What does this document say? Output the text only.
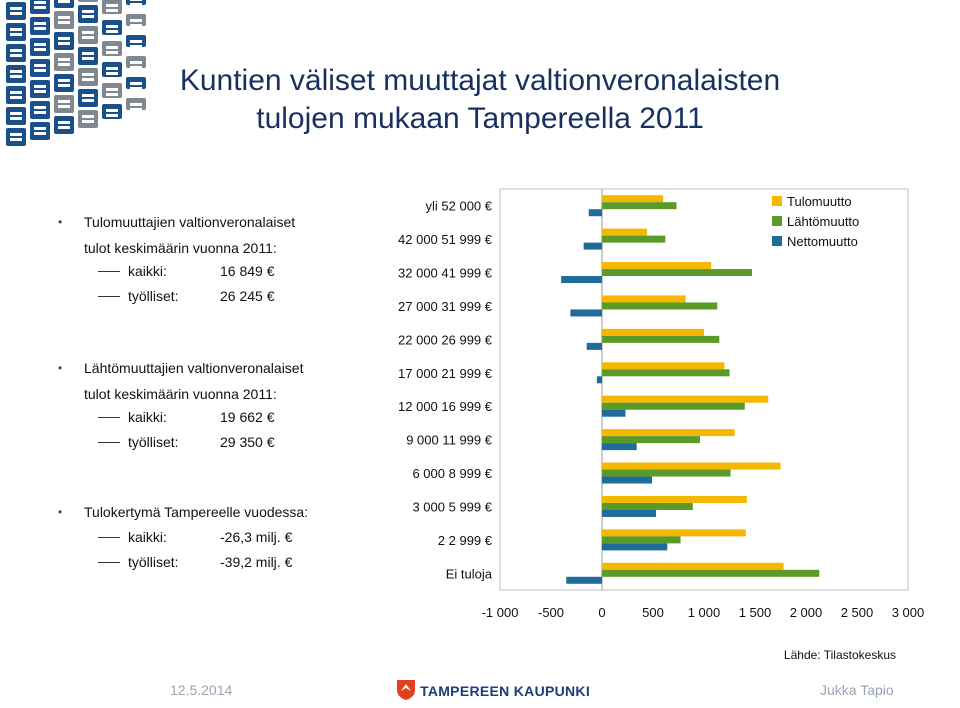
Kuntien väliset muuttajat valtionveronalaisten
tulojen mukaan Tampereella 2011
• Tulomuuttajien valtionveronalaiset
tulot keskimäärin vuonna 2011:
kaikki:	16 849 €
työlliset:	26 245 €
• Lähtömuuttajien valtionveronalaiset
tulot keskimäärin vuonna 2011:
kaikki:	19 662 €
työlliset:	29 350 €
• Tulokertymä Tampereelle vuodessa:
kaikki:	-26,3 milj. €
työlliset:	-39,2 milj. €
yli 52 000 €
42 000 51 999 €
32 000 41 999 €
27 000 31 999 €
22 000 26 999 €
17 000 21 999 €
12 000 16 999 €
9 000 11 999 €
6 000 8 999 €
3 000 5 999 €
2 2 999 €
Ei tuloja
-1 000 -500	0	500 1 000 1 500 2 000 2 500 3 000
Tulomuutto
Lähtömuutto
Nettomuutto
Lähde: Tilastokeskus
12.5.2014	TAMPEREEN KAUPUNKI	Jukka Tapio
